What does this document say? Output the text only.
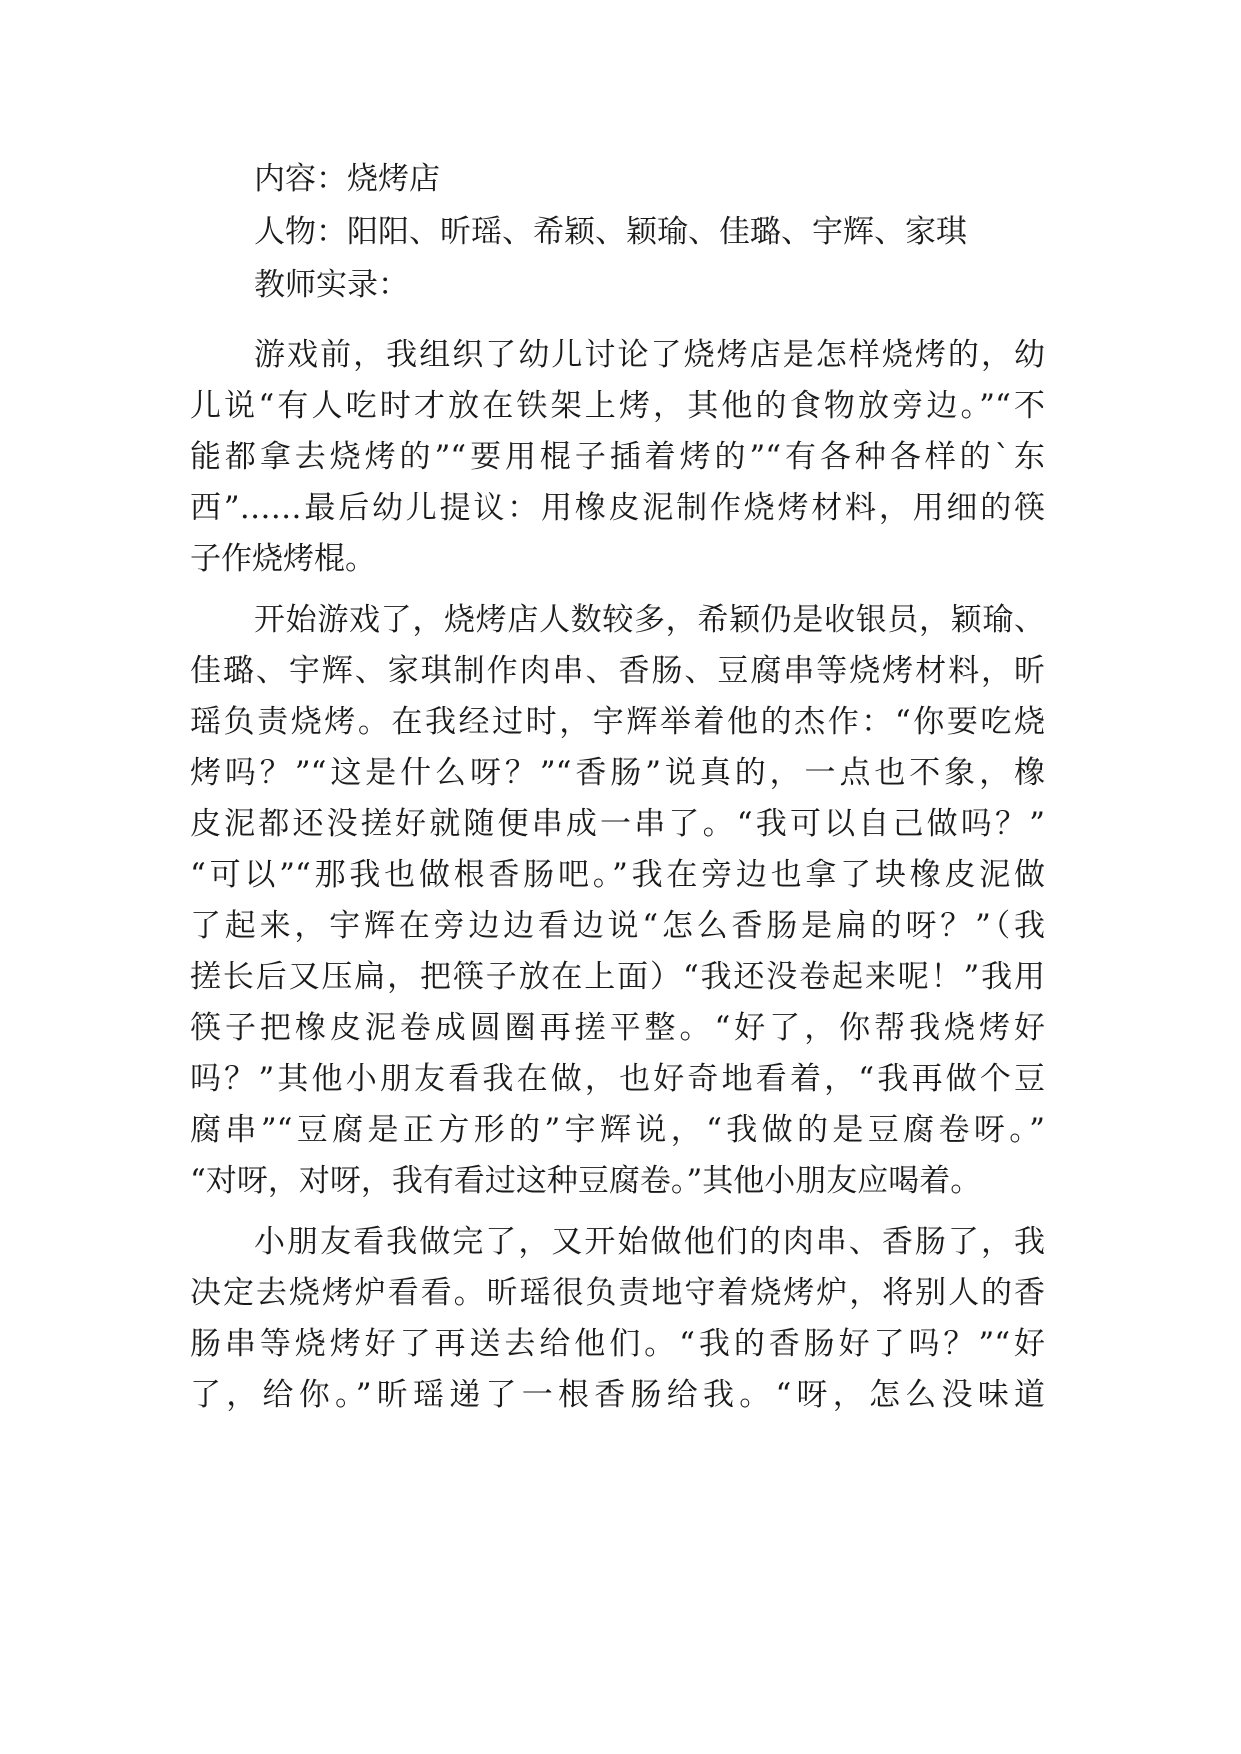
内容：烧烤店

人物：阳阳、昕瑶、希颖、颖瑜、佳璐、宇辉、家琪

教师实录：

游戏前，我组织了幼儿讨论了烧烤店是怎样烧烤的，幼
儿说“有人吃时才放在铁架上烤，其他的食物放旁边。”“不
能都拿去烧烤的”“要用棍子插着烤的”“有各种各样的`东
西”……最后幼儿提议：用橡皮泥制作烧烤材料，用细的筷
子作烧烤棍。
开始游戏了，烧烤店人数较多，希颖仍是收银员，颖瑜、
佳璐、宇辉、家琪制作肉串、香肠、豆腐串等烧烤材料，昕
瑶负责烧烤。在我经过时，宇辉举着他的杰作：“你要吃烧
烤吗？”“这是什么呀？”“香肠”说真的，一点也不象，橡
皮泥都还没搓好就随便串成一串了。“我可以自己做吗？”
“可以”“那我也做根香肠吧。”我在旁边也拿了块橡皮泥做
了起来，宇辉在旁边边看边说“怎么香肠是扁的呀？”（我
搓长后又压扁，把筷子放在上面）“我还没卷起来呢！”我用
筷子把橡皮泥卷成圆圈再搓平整。“好了，你帮我烧烤好
吗？”其他小朋友看我在做，也好奇地看着，“我再做个豆
腐串”“豆腐是正方形的”宇辉说，“我做的是豆腐卷呀。”
“对呀，对呀，我有看过这种豆腐卷。”其他小朋友应喝着。
小朋友看我做完了，又开始做他们的肉串、香肠了，我
决定去烧烤炉看看。昕瑶很负责地守着烧烤炉，将别人的香
肠串等烧烤好了再送去给他们。“我的香肠好了吗？”“好
了，给你。”昕瑶递了一根香肠给我。“呀，怎么没味道
